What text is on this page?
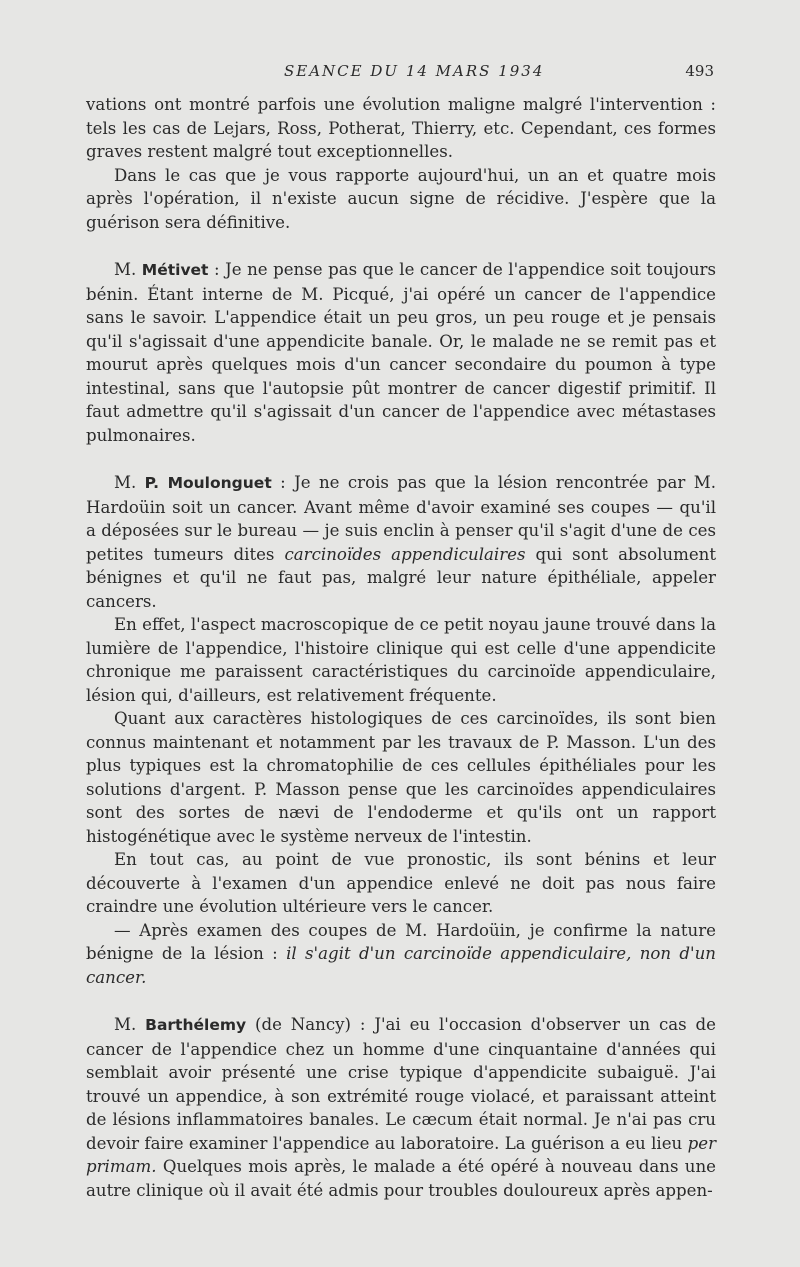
SEANCE DU 14 MARS 1934	493

vations ont montré parfois une évolution maligne malgré l'intervention : tels les cas de Lejars, Ross, Potherat, Thierry, etc. Cependant, ces formes graves restent malgré tout exceptionnelles.

Dans le cas que je vous rapporte aujourd'hui, un an et quatre mois après l'opération, il n'existe aucun signe de récidive. J'espère que la guérison sera définitive.

M. Métivet : Je ne pense pas que le cancer de l'appendice soit toujours bénin. Étant interne de M. Picqué, j'ai opéré un cancer de l'appendice sans le savoir. L'appendice était un peu gros, un peu rouge et je pensais qu'il s'agissait d'une appendicite banale. Or, le malade ne se remit pas et mourut après quelques mois d'un cancer secondaire du poumon à type intestinal, sans que l'autopsie pût montrer de cancer digestif primitif. Il faut admettre qu'il s'agissait d'un cancer de l'appendice avec métastases pulmonaires.

M. P. Moulonguet : Je ne crois pas que la lésion rencontrée par M. Hardoüin soit un cancer. Avant même d'avoir examiné ses coupes — qu'il a déposées sur le bureau — je suis enclin à penser qu'il s'agit d'une de ces petites tumeurs dites carcinoïdes appendiculaires qui sont absolument bénignes et qu'il ne faut pas, malgré leur nature épithéliale, appeler cancers.

En effet, l'aspect macroscopique de ce petit noyau jaune trouvé dans la lumière de l'appendice, l'histoire clinique qui est celle d'une appendicite chronique me paraissent caractéristiques du carcinoïde appendiculaire, lésion qui, d'ailleurs, est relativement fréquente.

Quant aux caractères histologiques de ces carcinoïdes, ils sont bien connus maintenant et notamment par les travaux de P. Masson. L'un des plus typiques est la chromatophilie de ces cellules épithéliales pour les solutions d'argent. P. Masson pense que les carcinoïdes appendiculaires sont des sortes de nævi de l'endoderme et qu'ils ont un rapport histogénétique avec le système nerveux de l'intestin.

En tout cas, au point de vue pronostic, ils sont bénins et leur découverte à l'examen d'un appendice enlevé ne doit pas nous faire craindre une évolution ultérieure vers le cancer.

— Après examen des coupes de M. Hardoüin, je confirme la nature bénigne de la lésion : il s'agit d'un carcinoïde appendiculaire, non d'un cancer.

M. Barthélemy (de Nancy) : J'ai eu l'occasion d'observer un cas de cancer de l'appendice chez un homme d'une cinquantaine d'années qui semblait avoir présenté une crise typique d'appendicite subaiguë. J'ai trouvé un appendice, à son extrémité rouge violacé, et paraissant atteint de lésions inflammatoires banales. Le cæcum était normal. Je n'ai pas cru devoir faire examiner l'appendice au laboratoire. La guérison a eu lieu per primam. Quelques mois après, le malade a été opéré à nouveau dans une autre clinique où il avait été admis pour troubles douloureux après appen-
